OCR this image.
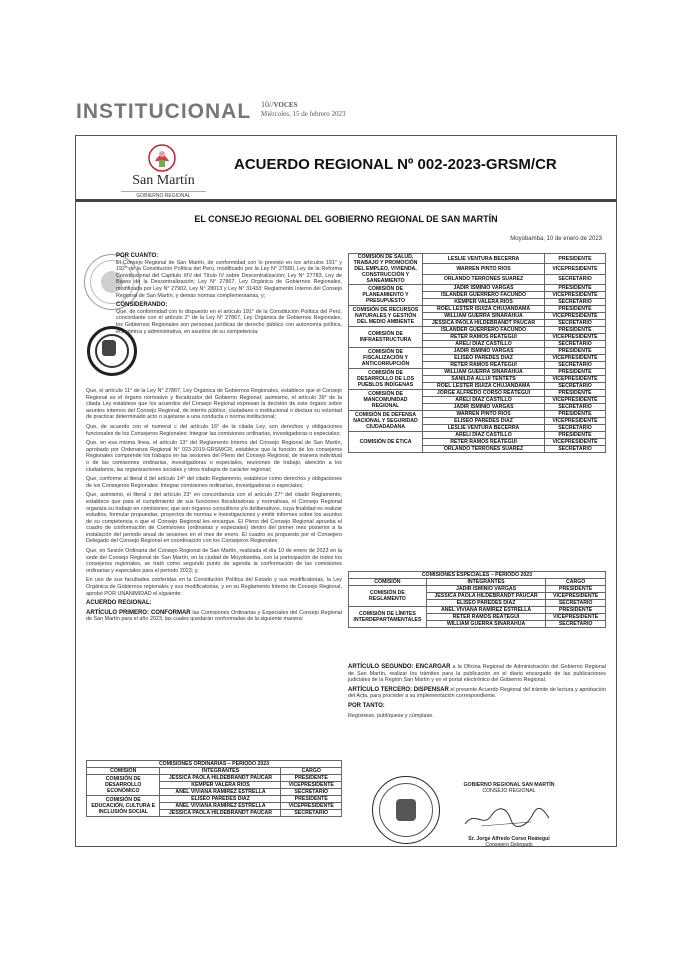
INSTITUCIONAL 10//VOCES
Miércoles, 15 de febrero 2023
San Martín
GOBIERNO REGIONAL
ACUERDO REGIONAL Nº 002-2023-GRSM/CR
EL CONSEJO REGIONAL DEL GOBIERNO REGIONAL DE SAN MARTÍN
Moyobamba, 10 de enero de 2023

POR CUANTO:
El Consejo Regional de San Martín, de conformidad con lo previsto en los artículos 191° y 192° de la Constitución Política del Perú, modificado por la Ley N° 27680, Ley de la Reforma Constitucional del Capítulo XIV del Título IV sobre Descentralización; Ley N° 27783, Ley de Bases de la Descentralización; Ley N° 27867, Ley Orgánica de Gobiernos Regionales, modificada por Ley N° 27902, Ley N° 28013 y Ley N° 31433; Reglamento Interno del Consejo Regional de San Martín, y demás normas complementarias, y;

CONSIDERANDO:
Que, de conformidad con lo dispuesto en el artículo 191° de la Constitución Política del Perú, concordante con el artículo 2° de la Ley N° 27867, Ley Orgánica de Gobiernos Regionales, los Gobiernos Regionales son personas jurídicas de derecho público con autonomía política, económica y administrativa, en asuntos de su competencia;

Que, el artículo 11° de la Ley N° 27867, Ley Orgánica de Gobiernos Regionales, establece que el Consejo Regional es el órgano normativo y fiscalizador del Gobierno Regional; asimismo, el artículo 39° de la citada Ley establece que los acuerdos del Consejo Regional expresan la decisión de este órgano sobre asuntos internos del Consejo Regional, de interés público, ciudadano o institucional o declara su voluntad de practicar determinado acto o sujetarse a una conducta o norma institucional;

Que, de acuerdo con el numeral c del artículo 16° de la citada Ley, son derechos y obligaciones funcionales de los Consejeros Regionales: Integrar las comisiones ordinarias, investigadoras o especiales;

Que, en esa misma línea, el artículo 13° del Reglamento Interno del Consejo Regional de San Martín, aprobado por Ordenanza Regional N° 023-2019-GRSM/CR, establece que la función de los consejeros Regionales comprende los trabajos en las sesiones del Pleno del Consejo Regional, de manera individual o de las comisiones ordinarias, investigadoras o especiales, reuniones de trabajo, atención a los ciudadanos, las organizaciones sociales y otros trabajos de carácter regional;

Que, conforme al literal d del artículo 14° del citado Reglamento, establece como derechos y obligaciones de los Consejeros Regionales: Integrar comisiones ordinarias, investigadoras o especiales;

Que, asimismo, el literal c del artículo 23° en concordancia con el artículo 27° del citado Reglamento, establece que para el cumplimiento de sus funciones fiscalizadoras y normativas, el Consejo Regional organiza su trabajo en comisiones; que son órganos consultivos y/o deliberativos, cuya finalidad es realizar estudios, formular propuestas, proyectos de normas e investigaciones y emitir informes sobre los asuntos de su competencia o que el Consejo Regional les encargue. El Pleno del Consejo Regional aprueba el cuadro de conformación de Comisiones (ordinarias y especiales) dentro del primer mes posterior a la instalación del periodo anual de sesiones en el mes de enero. El cuadro es propuesto por el Consejero Delegado del Consejo Regional en coordinación con los Consejeros Regionales;

Que, en Sesión Ordinaria del Consejo Regional de San Martín, realizada el día 10 de enero de 2023 en la sede del Consejo Regional de San Martín, en la ciudad de Moyobamba, con la participación de todos los consejeros regionales, se trató como segundo punto de agenda la conformación de las comisiones ordinarias y especiales para el periodo 2023; y,

En uso de sus facultades conferidas en la Constitución Política del Estado y sus modificatorias, la Ley Orgánica de Gobiernos regionales y sus modificatorias, y en su Reglamento Interno de Consejo Regional, aprobó POR UNANIMIDAD el siguiente:

ACUERDO REGIONAL:

ARTÍCULO PRIMERO: CONFORMAR las Comisiones Ordinarias y Especiales del Consejo Regional de San Martín para el año 2023, las cuales quedarán conformadas de la siguiente manera:

COMISIONES ORDINARIAS – PERIODO 2023		
COMISIÓN	INTEGRANTES	CARGO
COMISIÓN DE DESARROLLO ECONÓMICO	JESSICA PAOLA HILDEBRANDT PAUCAR	PRESIDENTE
	KEMPER VALERA RIOS	VICEPRESIDENTE
	ANEL VIVIANA RAMÍREZ ESTRELLA	SECRETARIO
COMISIÓN DE EDUCACIÓN, CULTURA E INCLUSIÓN SOCIAL	ELISEO PAREDES DIAZ	PRESIDENTE
	ANEL VIVIANA RAMÍREZ ESTRELLA	VICEPRESIDENTE
	JESSICA PAOLA HILDEBRANDT PAUCAR	SECRETARIO
COMISIÓN DE SALUD, TRABAJO Y PROMOCIÓN DEL EMPLEO, VIVIENDA, CONSTRUCCIÓN Y SANEAMIENTO	LESLIE VENTURA BECERRA	PRESIDENTE
	WARREN PINTO RIOS	VICEPRESIDENTE
	ORLANDO TERRONES SUAREZ	SECRETARIO
COMISIÓN DE PLANEAMIENTO Y PRESUPUESTO	JADIR ISMINIO VARGAS	PRESIDENTE
	ISLANDER GUERRERO FACUNDO	VICEPRESIDENTE
	KEMPER VALERA RIOS	SECRETARIO
COMISIÓN DE RECURSOS NATURALES Y GESTIÓN DEL MEDIO AMBIENTE	ROEL LESTER ISUIZA CHUJANDAMA	PRESIDENTE
	WILLIAM GUERRA SINARAHUA	VICEPRESIDENTE
	JESSICA PAOLA HILDEBRANDT PAUCAR	SECRETARIO
COMISIÓN DE INFRAESTRUCTURA	ISLANDER GUERRERO FACUNDO	PRESIDENTE
	RETER RAMOS REÁTEGUI	VICEPRESIDENTE
	ARELI DÍAZ CASTILLO	SECRETARIO
COMISIÓN DE FISCALIZACIÓN Y ANTICORRUPCIÓN	JADIR ISMINIO VARGAS	PRESIDENTE
	ELISEO PAREDES DIAZ	VICEPRESIDENTE
	RETER RAMOS REÁTEGUI	SECRETARIO
COMISIÓN DE DESARROLLO DE LOS PUEBLOS INDÍGENAS	WILLIAM GUERRA SINARAHUA	PRESIDENTE
	SANILDA ALLUI TENTETS	VICEPRESIDENTE
	ROEL LESTER ISUIZA CHUJANDAMA	SECRETARIO
COMISIÓN DE MANCOMUNIDAD REGIONAL	JORGE ALFREDO CORSO REÁTEGUI	PRESIDENTE
	ARELI DÍAZ CASTILLO	VICEPRESIDENTE
	JADIR ISMINIO VARGAS	SECRETARIO
COMISIÓN DE DEFENSA NACIONAL Y SEGURIDAD CIUDADADANA	WARREN PINTO RIOS	PRESIDENTE
	ELISEO PAREDES DIAZ	VICEPRESIDENTE
	LESLIE VENTURA BECERRA	SECRETARIO
COMISIÓN DE ÉTICA	ARELI DÍAZ CASTILLO	PRESIDENTE
	RETER RAMOS REÁTEGUI	VICEPRESIDENTE
	ORLANDO TERRONES SUAREZ	SECRETARIO
COMISIONES ESPECIALES – PERIODO 2023		
COMISIÓN	INTEGRANTES	CARGO
COMISIÓN DE REGLAMENTO	JADIR ISMINIO VARGAS	PRESIDENTE
	JESSICA PAOLA HILDEBRANDT PAUCAR	VICEPRESIDENTE
	ELISEO PAREDES DIAZ	SECRETARIO
COMISIÓN DE LÍMITES INTERDEPARTAMENTALES	ANEL VIVIANA RAMÍREZ ESTRELLA	PRESIDENTE
	RETER RAMOS REÁTEGUI	VICEPRESIDENTE
	WILLIAM GUERRA SINARAHUA	SECRETARIO

ARTÍCULO SEGUNDO: ENCARGAR a la Oficina Regional de Administración del Gobierno Regional de San Martín, realizar los trámites para la publicación en el diario encargado de las publicaciones judiciales de la Región San Martín y en el portal electrónico del Gobierno Regional.

ARTÍCULO TERCERO: DISPENSAR el presente Acuerdo Regional del trámite de lectura y aprobación del Acta, para proceder a su implementación correspondiente.

POR TANTO:

Regístrese, publíquese y cúmplase.

GOBIERNO REGIONAL SAN MARTÍN
CONSEJO REGIONAL
Sr. Jorge Alfredo Corso Reátegui
Consejero Delegado
